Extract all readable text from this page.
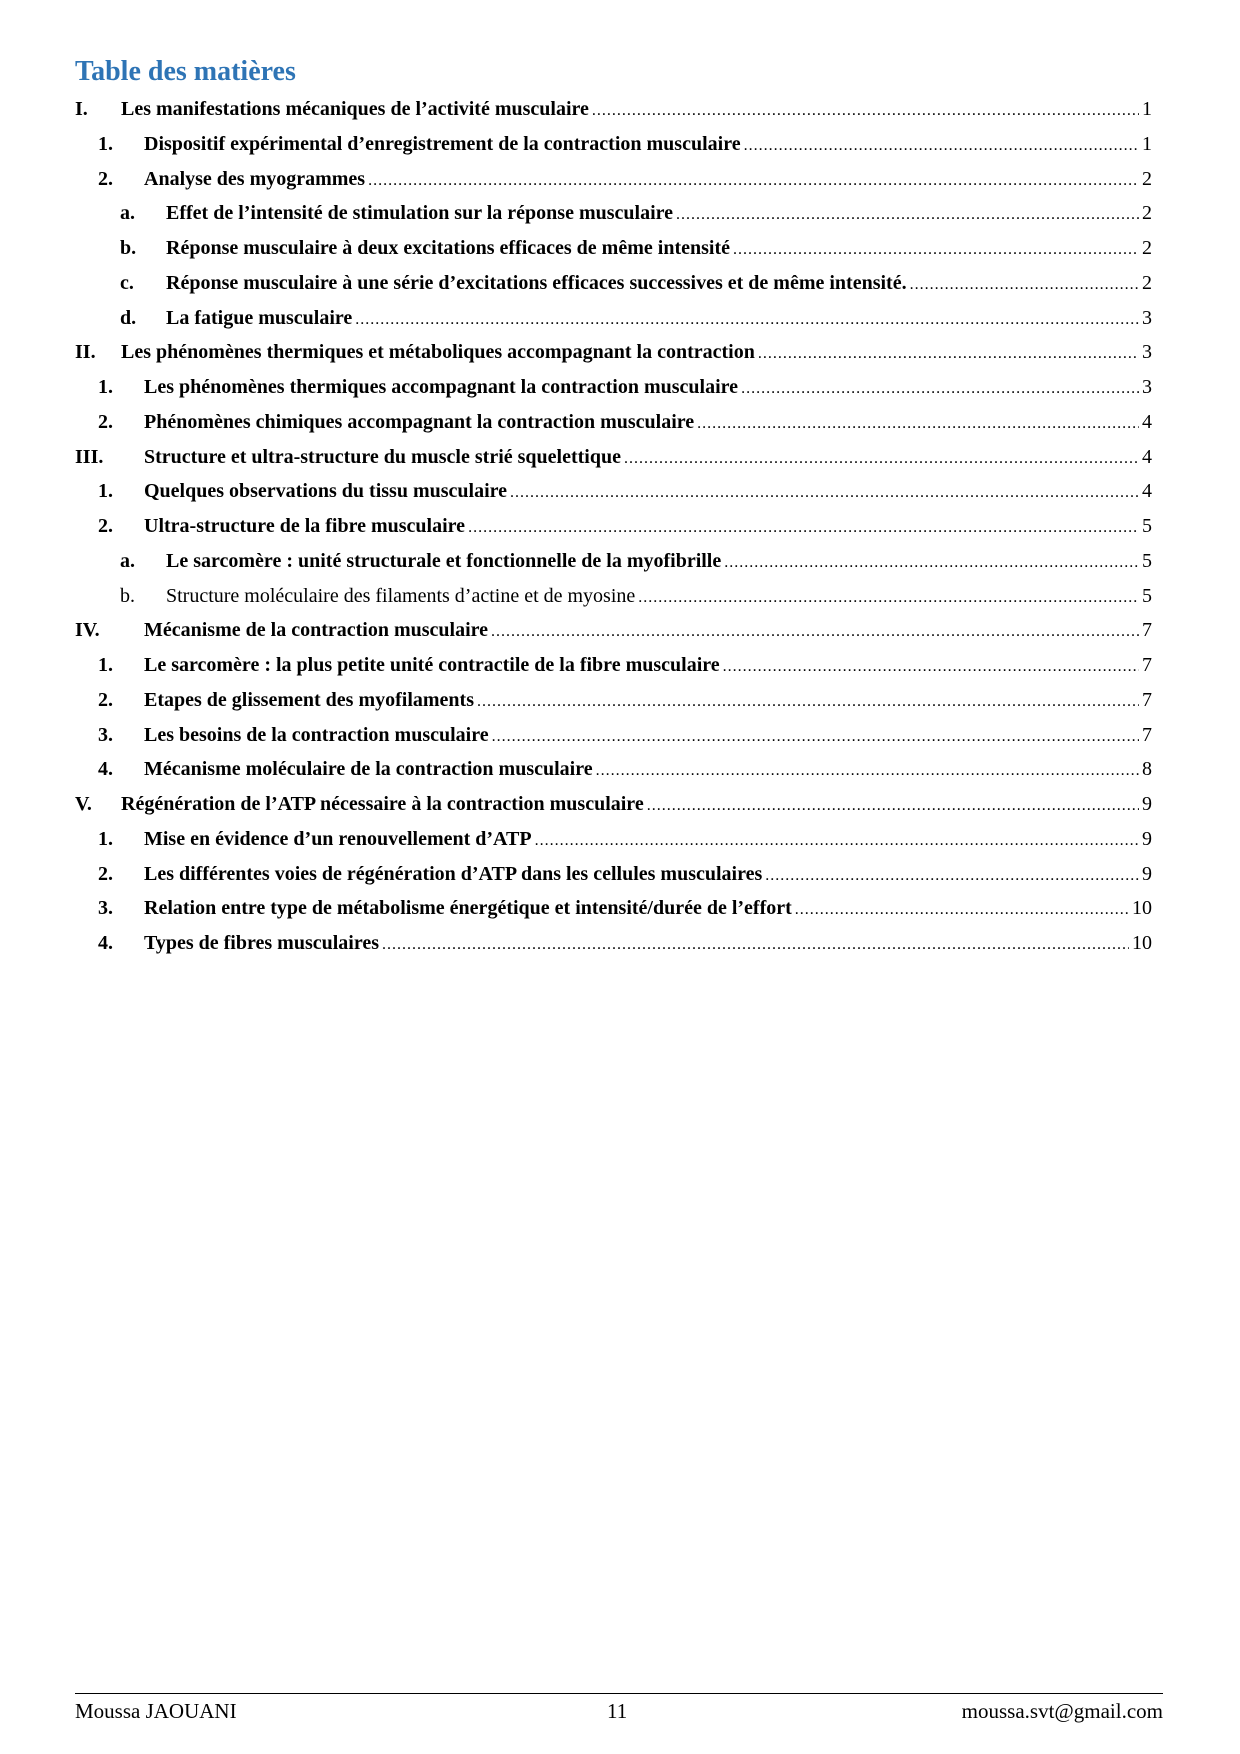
Table des matières
I.	Les manifestations mécaniques de l’activité musculaire .....	1
1.	Dispositif expérimental d’enregistrement de la contraction musculaire .....	1
2.	Analyse des myogrammes .....	2
a.	Effet de l’intensité de stimulation sur la réponse musculaire .....	2
b.	Réponse musculaire à deux excitations efficaces de même intensité .....	2
c.	Réponse musculaire à une série d’excitations efficaces successives et de même intensité. .....	2
d.	La fatigue musculaire .....	3
II.	Les phénomènes thermiques et métaboliques accompagnant la contraction .....	3
1.	Les phénomènes thermiques accompagnant la contraction musculaire .....	3
2.	Phénomènes chimiques accompagnant la contraction musculaire .....	4
III.	Structure et ultra-structure du muscle strié squelettique .....	4
1.	Quelques observations du tissu musculaire .....	4
2.	Ultra-structure de la fibre musculaire .....	5
a.	Le sarcomère : unité structurale et fonctionnelle de la myofibrille .....	5
b.	Structure moléculaire des filaments d’actine et de myosine .....	5
IV.	Mécanisme de la contraction musculaire .....	7
1.	Le sarcomère : la plus petite unité contractile de la fibre musculaire .....	7
2.	Etapes de glissement des myofilaments .....	7
3.	Les besoins de la contraction musculaire .....	7
4.	Mécanisme moléculaire de la contraction musculaire .....	8
V.	Régénération de l’ATP nécessaire à la contraction musculaire .....	9
1.	Mise en évidence d’un renouvellement d’ATP .....	9
2.	Les différentes voies de régénération d’ATP dans les cellules musculaires .....	9
3.	Relation entre type de métabolisme énergétique et intensité/durée de l’effort .....	10
4.	Types de fibres musculaires .....	10
Moussa JAOUANI	11	moussa.svt@gmail.com
